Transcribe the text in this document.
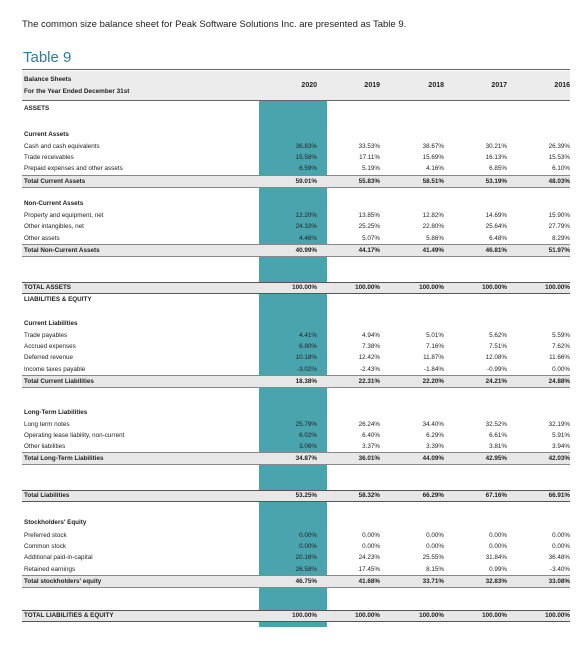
The common size balance sheet for Peak Software Solutions Inc. are presented as Table 9.
Table 9
Balance Sheets
For the Year Ended December 31st
2020	2019	2018	2017	2016
ASSETS
Current Assets
Cash and cash equivalents	36.83%	33.53%	38.67%	30.21%	26.39%
Trade receivables	15.58%	17.11%	15.69%	16.13%	15.53%
Prepaid expenses and other assets	6.59%	5.19%	4.16%	6.85%	6.10%
Total Current Assets	59.01%	55.83%	58.51%	53.19%	48.03%
Non-Current Assets
Property and equipment, net	12.20%	13.85%	12.82%	14.69%	15.90%
Other intangibles, net	24.33%	25.25%	22.80%	25.64%	27.79%
Other assets	4.46%	5.07%	5.86%	6.48%	8.29%
Total Non-Current Assets	40.99%	44.17%	41.49%	46.81%	51.97%
TOTAL ASSETS	100.00%	100.00%	100.00%	100.00%	100.00%
LIABILITIES & EQUITY
Current Liabilities
Trade payables	4.41%	4.94%	5.01%	5.62%	5.59%
Accrued expenses	6.80%	7.38%	7.16%	7.51%	7.62%
Deferred revenue	10.18%	12.42%	11.87%	12.08%	11.66%
Income taxes payable	-3.02%	-2.43%	-1.84%	-0.99%	0.00%
Total Current Liabilities	18.38%	22.31%	22.20%	24.21%	24.88%
Long-Term Liabilities
Long term notes	25.79%	26.24%	34.40%	32.52%	32.19%
Operating lease liability, non-current	6.02%	6.40%	6.29%	6.61%	5.91%
Other liabilities	3.06%	3.37%	3.39%	3.81%	3.94%
Total Long-Term Liabilities	34.87%	36.01%	44.09%	42.95%	42.03%
Total Liabilities	53.25%	58.32%	66.29%	67.16%	66.91%
Stockholders' Equity
Preferred stock	0.00%	0.00%	0.00%	0.00%	0.00%
Common stock	0.00%	0.00%	0.00%	0.00%	0.00%
Additional paid-in-capital	20.16%	24.23%	25.55%	31.84%	36.48%
Retained earnings	26.58%	17.45%	8.15%	0.99%	-3.40%
Total stockholders' equity	46.75%	41.68%	33.71%	32.83%	33.08%
TOTAL LIABILITIES & EQUITY	100.00%	100.00%	100.00%	100.00%	100.00%
